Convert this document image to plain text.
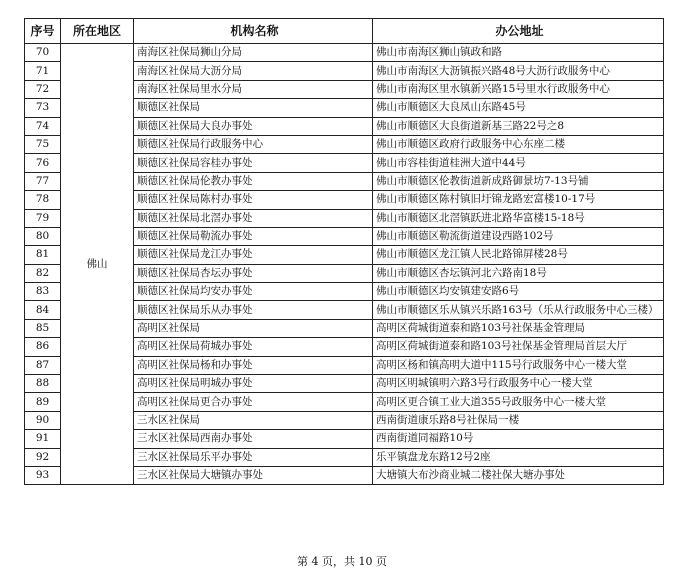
序号	所在地区	机构名称	办公地址
70	佛山	南海区社保局狮山分局	佛山市南海区狮山镇政和路
71		南海区社保局大沥分局	佛山市南海区大沥镇振兴路48号大沥行政服务中心
72		南海区社保局里水分局	佛山市南海区里水镇新兴路15号里水行政服务中心
73		顺德区社保局	佛山市顺德区大良凤山东路45号
74		顺德区社保局大良办事处	佛山市顺德区大良街道新基三路22号之8
75		顺德区社保局行政服务中心	佛山市顺德区政府行政服务中心东座二楼
76		顺德区社保局容桂办事处	佛山市容桂街道桂洲大道中44号
77		顺德区社保局伦教办事处	佛山市顺德区伦教街道新成路御景坊7-13号铺
78		顺德区社保局陈村办事处	佛山市顺德区陈村镇旧圩锦龙路宏富楼10-17号
79		顺德区社保局北滘办事处	佛山市顺德区北滘镇跃进北路华富楼15-18号
80		顺德区社保局勒流办事处	佛山市顺德区勒流街道建设西路102号
81		顺德区社保局龙江办事处	佛山市顺德区龙江镇人民北路锦屏楼28号
82		顺德区社保局杏坛办事处	佛山市顺德区杏坛镇河北六路南18号
83		顺德区社保局均安办事处	佛山市顺德区均安镇建安路6号
84		顺德区社保局乐从办事处	佛山市顺德区乐从镇兴乐路163号（乐从行政服务中心三楼）
85		高明区社保局	高明区荷城街道泰和路103号社保基金管理局
86		高明区社保局荷城办事处	高明区荷城街道泰和路103号社保基金管理局首层大厅
87		高明区社保局杨和办事处	高明区杨和镇高明大道中115号行政服务中心一楼大堂
88		高明区社保局明城办事处	高明区明城镇明六路3号行政服务中心一楼大堂
89		高明区社保局更合办事处	高明区更合镇工业大道355号政服务中心一楼大堂
90		三水区社保局	西南街道康乐路8号社保局一楼
91		三水区社保局西南办事处	西南街道同福路10号
92		三水区社保局乐平办事处	乐平镇盘龙东路12号2座
93		三水区社保局大塘镇办事处	大塘镇大布沙商业城二楼社保大塘办事处
第 4 页，共 10 页
